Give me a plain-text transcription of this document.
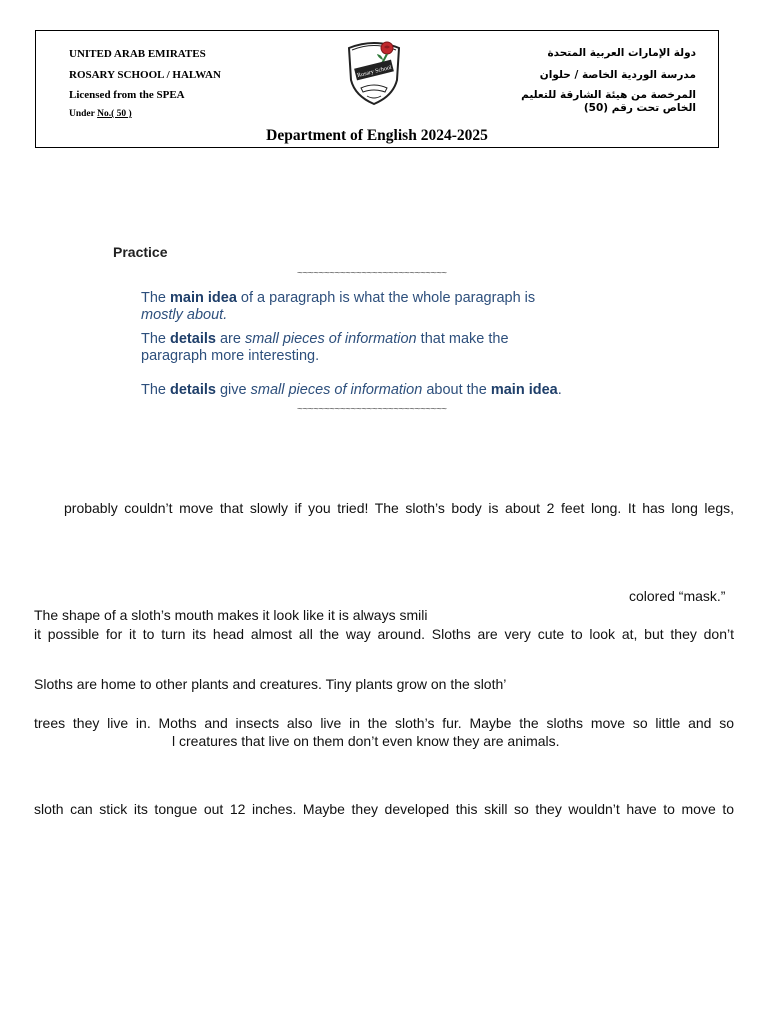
UNITED ARAB EMIRATES
ROSARY SCHOOL / HALWAN
Licensed from the SPEA
Under No.( 50 )
دولة الإمارات العربية المتحدة
مدرسة الوردية الخاصة / حلوان
المرخصة من هيئة الشارقة للتعليم
الخاص تحت رقم (50)
Rosary School
Department of English 2024-2025
Practice
~~~~~~~~~~~~~~~~~~~~~~~~~~~~
The main idea of a paragraph is what the whole paragraph is
mostly about.
The details are small pieces of information that make the
paragraph more interesting.
The details give small pieces of information about the main idea.
~~~~~~~~~~~~~~~~~~~~~~~~~~~~
probably couldn’t move that slowly if you tried! The sloth’s body is about 2 feet long. It has long legs,
colored “mask.”
The shape of a sloth’s mouth makes it look like it is always smili
it possible for it to turn its head almost all the way around. Sloths are very cute to look at, but they don’t
Sloths are home to other plants and creatures. Tiny plants grow on the sloth’
trees they live in. Moths and insects also live in the sloth’s fur. Maybe the sloths move so little and so
l creatures that live on them don’t even know they are animals.
sloth can stick its tongue out 12 inches. Maybe they developed this skill so they wouldn’t have to move to
